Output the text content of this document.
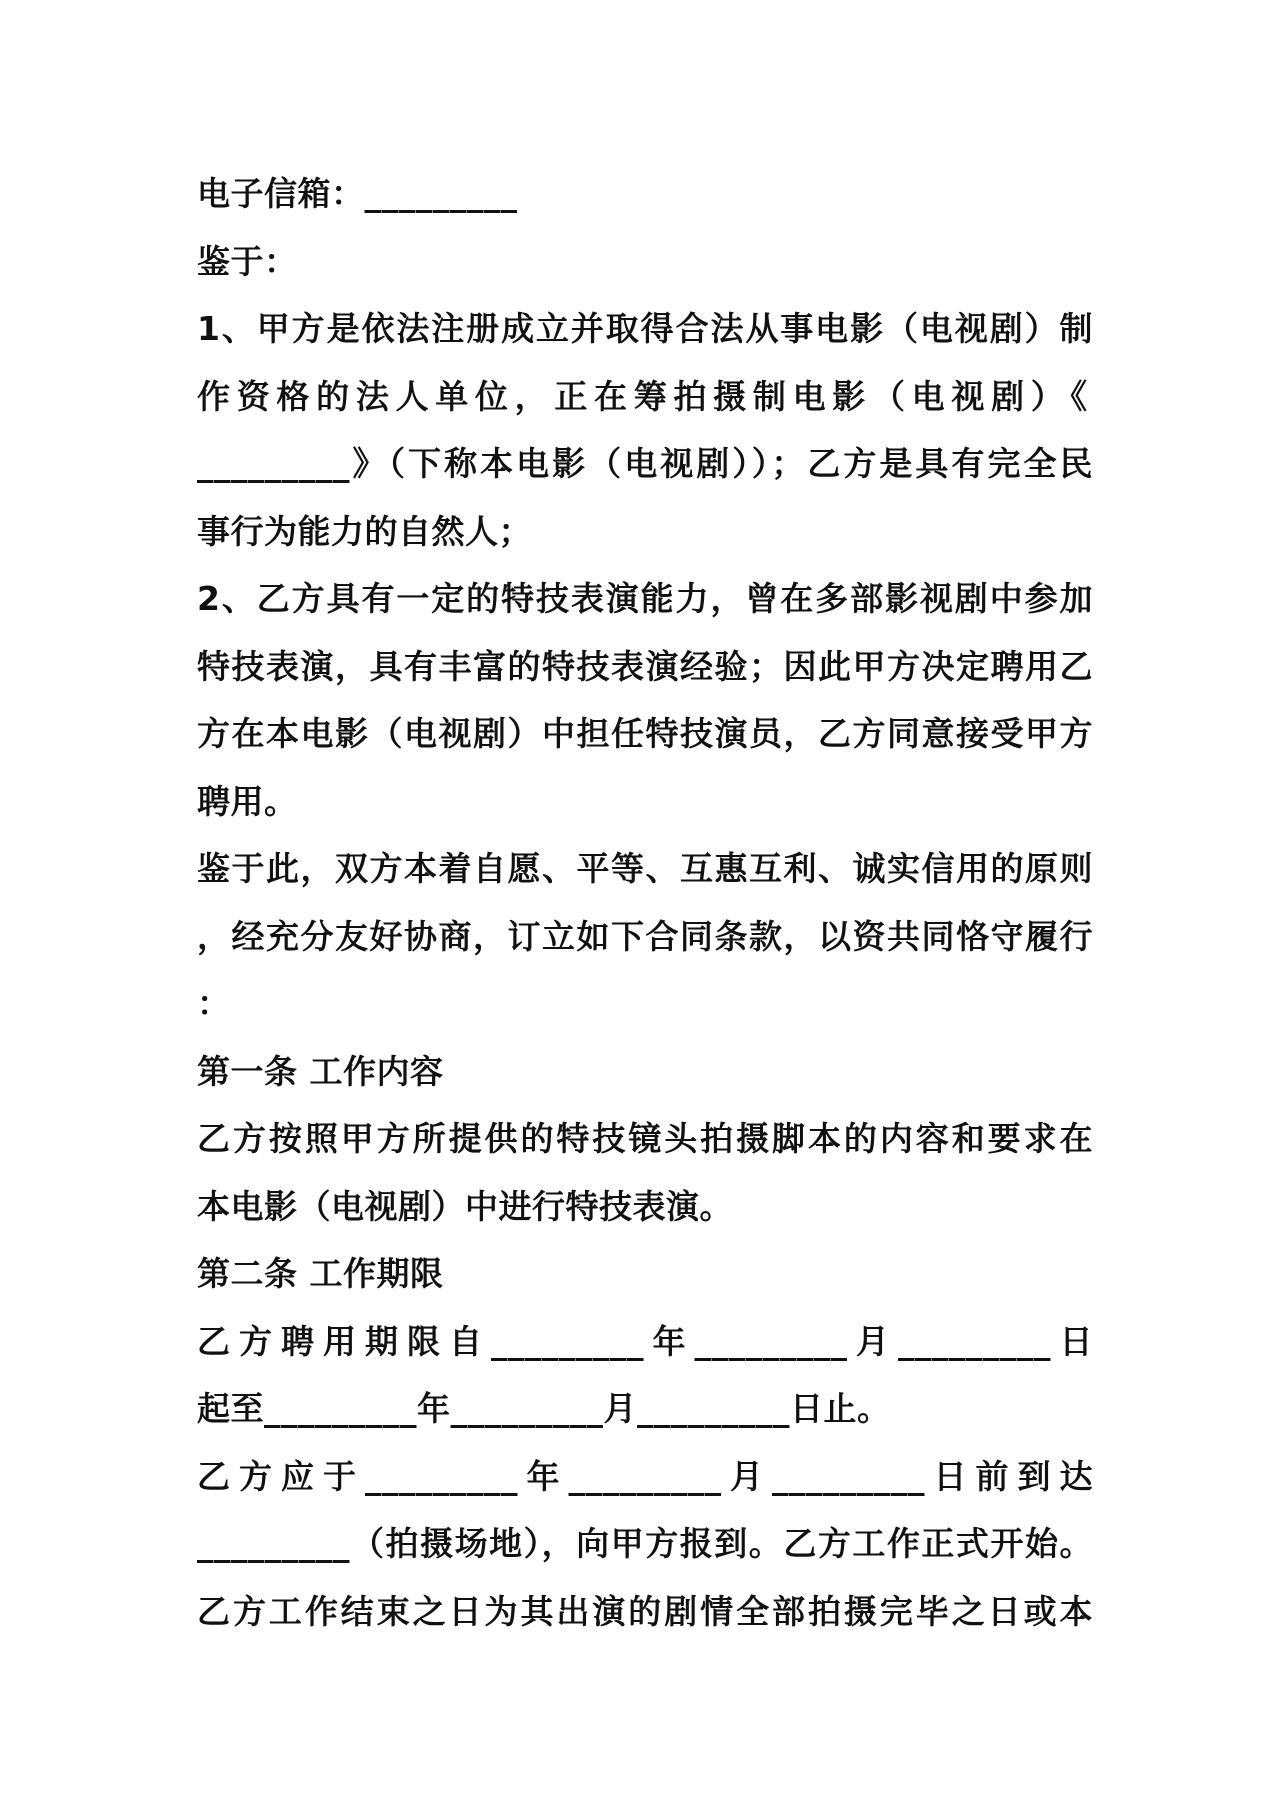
电子信箱：_________
鉴于：
1、甲方是依法注册成立并取得合法从事电影（电视剧）制
作资格的法人单位，正在筹拍摄制电影（电视剧）《
_________》（下称本电影（电视剧））；乙方是具有完全民
事行为能力的自然人；
2、乙方具有一定的特技表演能力，曾在多部影视剧中参加
特技表演，具有丰富的特技表演经验；因此甲方决定聘用乙
方在本电影（电视剧）中担任特技演员，乙方同意接受甲方
聘用。
鉴于此，双方本着自愿、平等、互惠互利、诚实信用的原则
，经充分友好协商，订立如下合同条款，以资共同恪守履行
：
第一条 工作内容
乙方按照甲方所提供的特技镜头拍摄脚本的内容和要求在
本电影（电视剧）中进行特技表演。
第二条 工作期限
乙方聘用期限自_________年_________月_________日
起至_________年_________月_________日止。
乙方应于_________年_________月_________日前到达
_________（拍摄场地），向甲方报到。乙方工作正式开始。
乙方工作结束之日为其出演的剧情全部拍摄完毕之日或本
